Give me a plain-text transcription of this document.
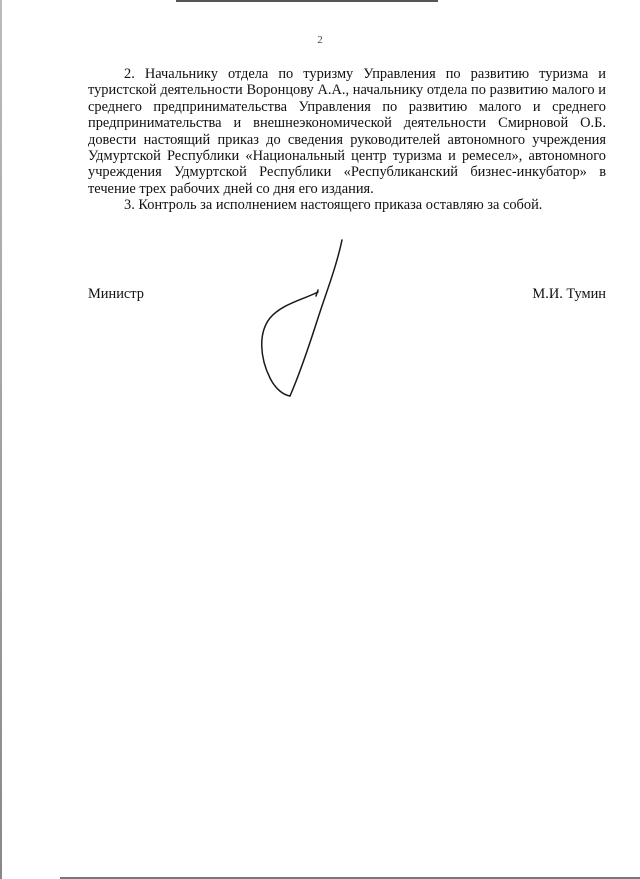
2

2. Начальнику отдела по туризму Управления по развитию туризма и туристской деятельности Воронцову А.А., начальнику отдела по развитию малого и среднего предпринимательства Управления по развитию малого и среднего предпринимательства и внешнеэкономической деятельности Смирновой О.Б. довести настоящий приказ до сведения руководителей автономного учреждения Удмуртской Республики «Национальный центр туризма и ремесел», автономного учреждения Удмуртской Республики «Республиканский бизнес-инкубатор» в течение трех рабочих дней со дня его издания.

3. Контроль за исполнением настоящего приказа оставляю за собой.

Министр	М.И. Тумин
